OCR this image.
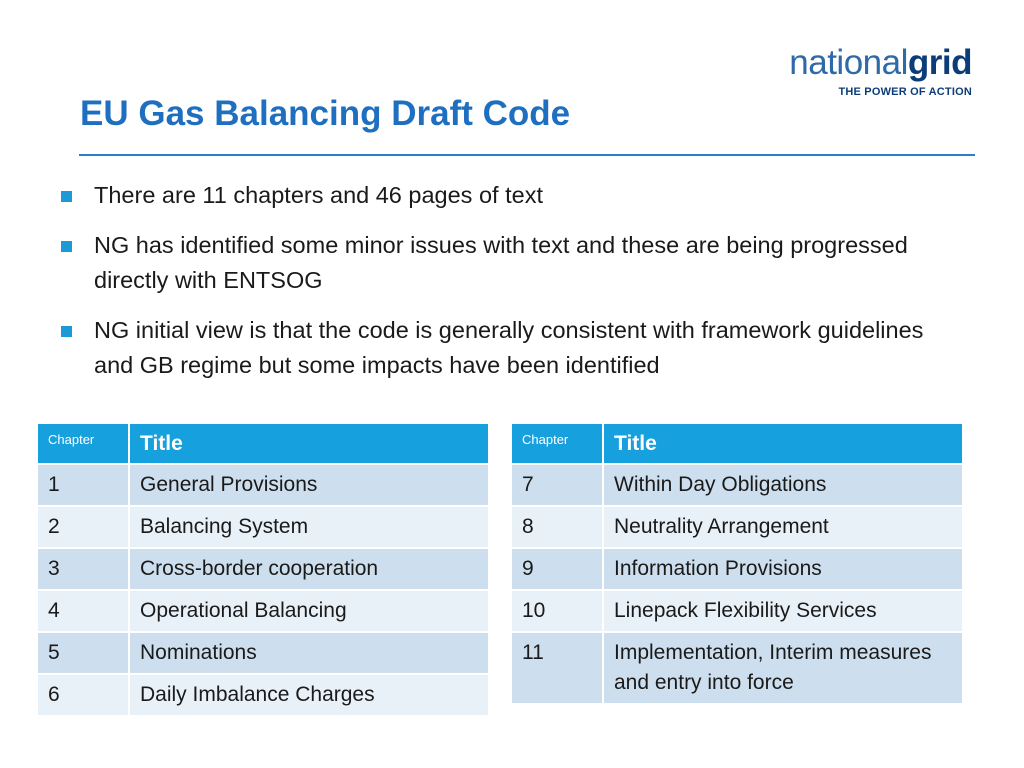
nationalgrid
THE POWER OF ACTION
EU Gas Balancing Draft Code
There are 11 chapters and 46 pages of text
NG has identified some minor issues with text and these are being progressed directly with ENTSOG
NG initial view is that the code is generally consistent with framework guidelines and GB regime but some impacts have been identified
Chapter	Title
1	General Provisions
2	Balancing System
3	Cross-border cooperation
4	Operational Balancing
5	Nominations
6	Daily Imbalance Charges
Chapter	Title
7	Within Day Obligations
8	Neutrality Arrangement
9	Information Provisions
10	Linepack Flexibility Services
11	Implementation, Interim measures and entry into force
